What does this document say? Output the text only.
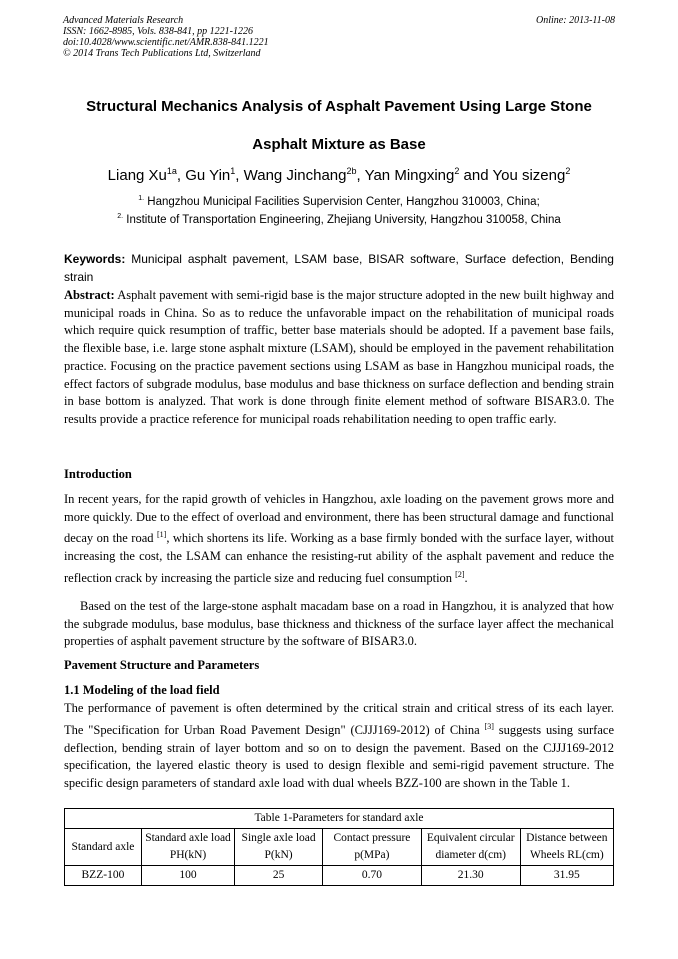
Advanced Materials Research
ISSN: 1662-8985, Vols. 838-841, pp 1221-1226
doi:10.4028/www.scientific.net/AMR.838-841.1221
© 2014 Trans Tech Publications Ltd, Switzerland
Online: 2013-11-08
Structural Mechanics Analysis of Asphalt Pavement Using Large Stone
Asphalt Mixture as Base
Liang $Xu^{1a}$, Gu Yin$^1$, Wang Jinchang$^{2b}$, Yan Mingxing$^2$ and You sizeng$^2$
$^{1.}$ Hangzhou Municipal Facilities Supervision Center, Hangzhou 310003, China;
$^{2.}$ Institute of Transportation Engineering, Zhejiang University, Hangzhou 310058, China
Keywords: Municipal asphalt pavement, LSAM base, BISAR software, Surface defection, Bending strain
Abstract: Asphalt pavement with semi-rigid base is the major structure adopted in the new built highway and municipal roads in China. So as to reduce the unfavorable impact on the rehabilitation of municipal roads which require quick resumption of traffic, better base materials should be adopted. If a pavement base fails, the flexible base, i.e. large stone asphalt mixture (LSAM), should be employed in the pavement rehabilitation practice. Focusing on the practice pavement sections using LSAM as base in Hangzhou municipal roads, the effect factors of subgrade modulus, base modulus and base thickness on surface deflection and bending strain in base bottom is analyzed. That work is done through finite element method of software BISAR3.0. The results provide a practice reference for municipal roads rehabilitation needing to open traffic early.
Introduction
In recent years, for the rapid growth of vehicles in Hangzhou, axle loading on the pavement grows more and more quickly. Due to the effect of overload and environment, there has been structural damage and functional decay on the road [1], which shortens its life. Working as a base firmly bonded with the surface layer, without increasing the cost, the LSAM can enhance the resisting-rut ability of the asphalt pavement and reduce the reflection crack by increasing the particle size and reducing fuel consumption [2].
Based on the test of the large-stone asphalt macadam base on a road in Hangzhou, it is analyzed that how the subgrade modulus, base modulus, base thickness and thickness of the surface layer affect the mechanical properties of asphalt pavement structure by the software of BISAR3.0.
Pavement Structure and Parameters
1.1 Modeling of the load field
The performance of pavement is often determined by the critical strain and critical stress of its each layer. The "Specification for Urban Road Pavement Design" (CJJJ169-2012) of China [3] suggests using surface deflection, bending strain of layer bottom and so on to design the pavement. Based on the CJJJ169-2012 specification, the layered elastic theory is used to design flexible and semi-rigid pavement structure. The specific design parameters of standard axle load with dual wheels BZZ-100 are shown in the Table 1.
Table 1-Parameters for standard axle					
Standard axle	Standard axle load PH(kN)	Single axle load P(kN)	Contact pressure p(MPa)	Equivalent circular diameter d(cm)	Distance between Wheels RL(cm)
BZZ-100	100	25	0.70	21.30	31.95
